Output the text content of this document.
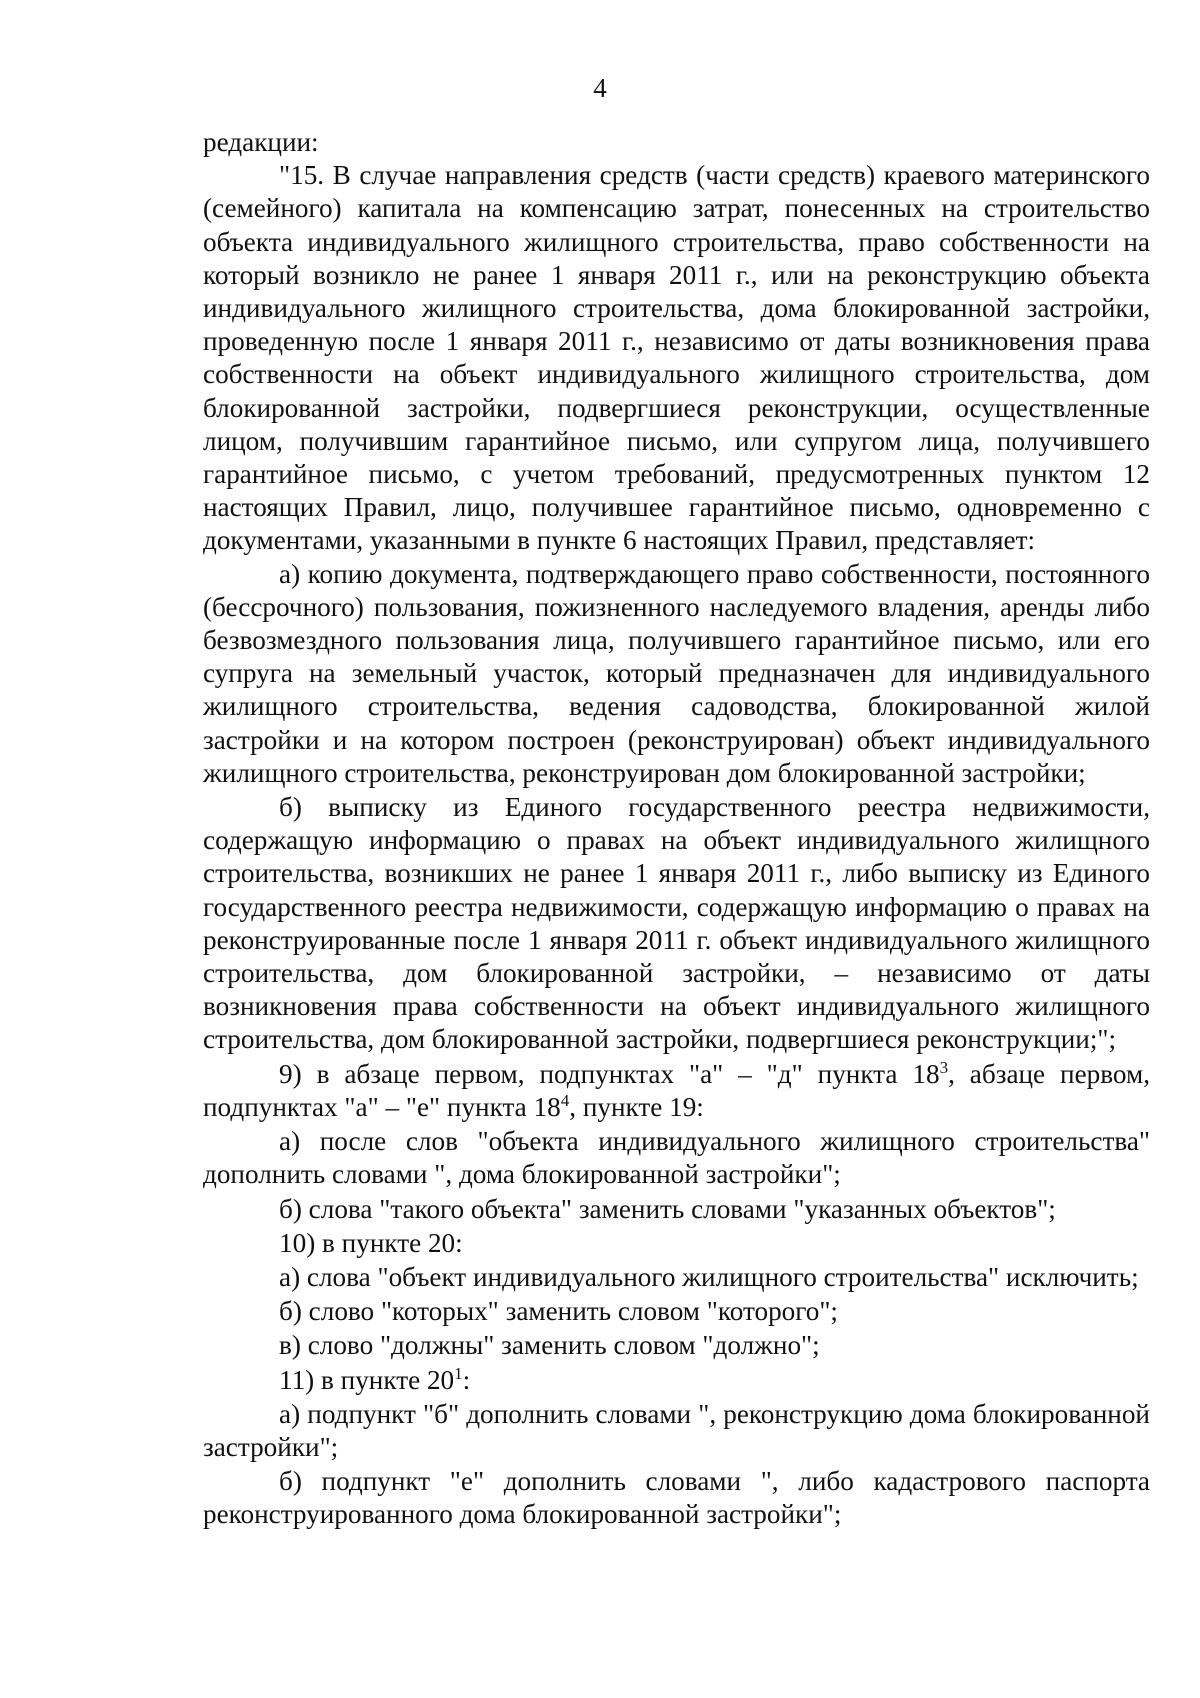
4

редакции:

"15. В случае направления средств (части средств) краевого материнского (семейного) капитала на компенсацию затрат, понесенных на строительство объекта индивидуального жилищного строительства, право собственности на который возникло не ранее 1 января 2011 г., или на реконструкцию объекта индивидуального жилищного строительства, дома блокированной застройки, проведенную после 1 января 2011 г., независимо от даты возникновения права собственности на объект индивидуального жилищного строительства, дом блокированной застройки, подвергшиеся реконструкции, осуществленные лицом, получившим гарантийное письмо, или супругом лица, получившего гарантийное письмо, с учетом требований, предусмотренных пунктом 12 настоящих Правил, лицо, получившее гарантийное письмо, одновременно с документами, указанными в пункте 6 настоящих Правил, представляет:

а) копию документа, подтверждающего право собственности, постоянного (бессрочного) пользования, пожизненного наследуемого владения, аренды либо безвозмездного пользования лица, получившего гарантийное письмо, или его супруга на земельный участок, который предназначен для индивидуального жилищного строительства, ведения садоводства, блокированной жилой застройки и на котором построен (реконструирован) объект индивидуального жилищного строительства, реконструирован дом блокированной застройки;

б) выписку из Единого государственного реестра недвижимости, содержащую информацию о правах на объект индивидуального жилищного строительства, возникших не ранее 1 января 2011 г., либо выписку из Единого государственного реестра недвижимости, содержащую информацию о правах на реконструированные после 1 января 2011 г. объект индивидуального жилищного строительства, дом блокированной застройки, – независимо от даты возникновения права собственности на объект индивидуального жилищного строительства, дом блокированной застройки, подвергшиеся реконструкции;";

9) в абзаце первом, подпунктах "а" – "д" пункта $18^3$, абзаце первом, подпунктах "а" – "е" пункта $18^4$, пункте 19:

а) после слов "объекта индивидуального жилищного строительства" дополнить словами ", дома блокированной застройки";

б) слова "такого объекта" заменить словами "указанных объектов";

10) в пункте 20:

а) слова "объект индивидуального жилищного строительства" исключить;

б) слово "которых" заменить словом "которого";

в) слово "должны" заменить словом "должно";

11) в пункте $20^1$:

а) подпункт "б" дополнить словами ", реконструкцию дома блокированной застройки";

б) подпункт "е" дополнить словами ", либо кадастрового паспорта реконструированного дома блокированной застройки";
